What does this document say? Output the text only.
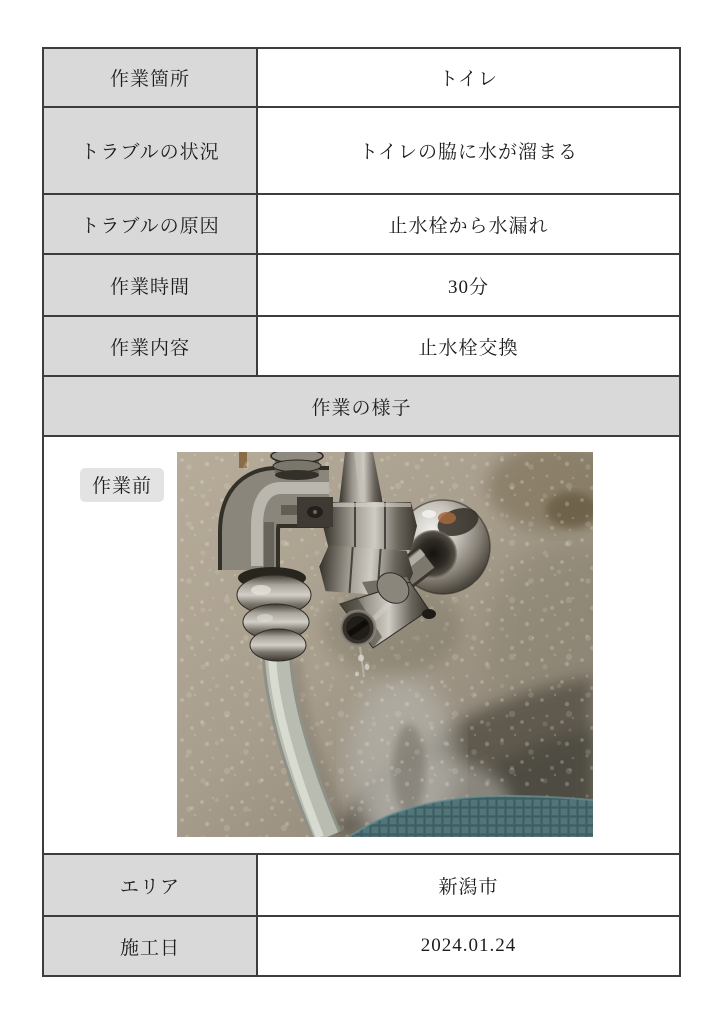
作業箇所	トイレ
トラブルの状況	トイレの脇に水が溜まる
トラブルの原因	止水栓から水漏れ
作業時間	30分
作業内容	止水栓交換
作業の様子
作業前
エリア	新潟市
施工日	2024.01.24
